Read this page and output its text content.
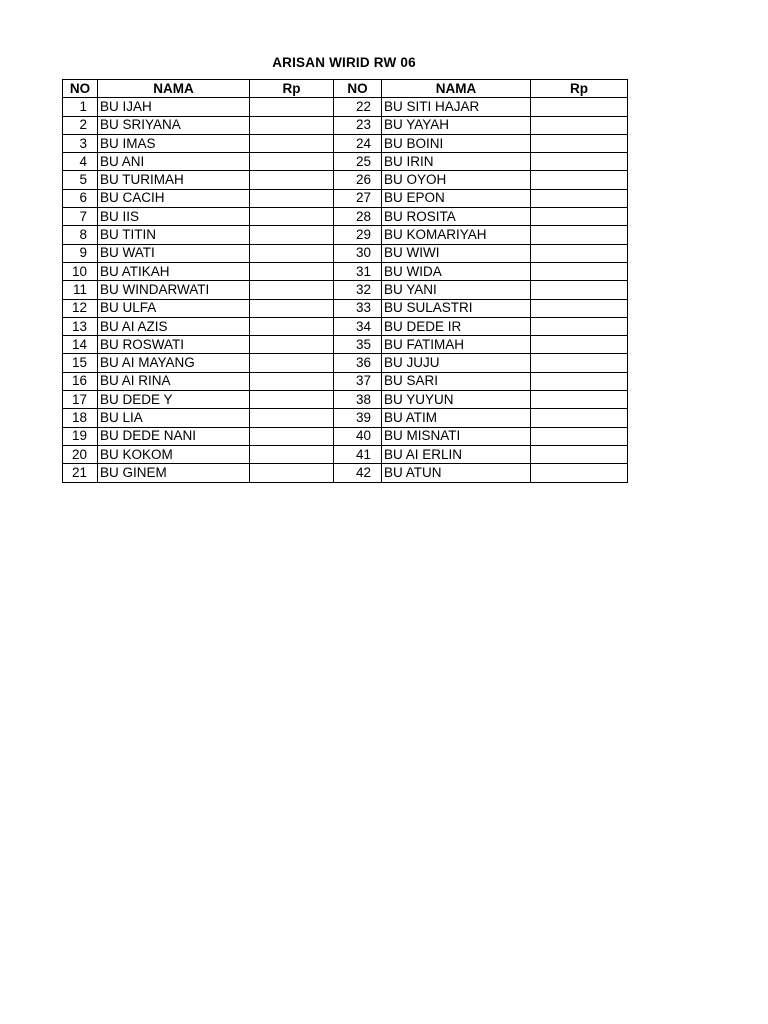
ARISAN WIRID RW 06
NO	NAMA	Rp	NO	NAMA	Rp
1	BU IJAH		22	BU SITI HAJAR	
2	BU SRIYANA		23	BU YAYAH	
3	BU IMAS		24	BU BOINI	
4	BU ANI		25	BU IRIN	
5	BU TURIMAH		26	BU OYOH	
6	BU CACIH		27	BU EPON	
7	BU IIS		28	BU ROSITA	
8	BU TITIN		29	BU KOMARIYAH	
9	BU WATI		30	BU WIWI	
10	BU ATIKAH		31	BU WIDA	
11	BU WINDARWATI		32	BU YANI	
12	BU ULFA		33	BU SULASTRI	
13	BU AI AZIS		34	BU DEDE IR	
14	BU ROSWATI		35	BU FATIMAH	
15	BU AI MAYANG		36	BU JUJU	
16	BU AI RINA		37	BU SARI	
17	BU DEDE Y		38	BU YUYUN	
18	BU LIA		39	BU ATIM	
19	BU DEDE NANI		40	BU MISNATI	
20	BU KOKOM		41	BU AI ERLIN	
21	BU GINEM		42	BU ATUN	
